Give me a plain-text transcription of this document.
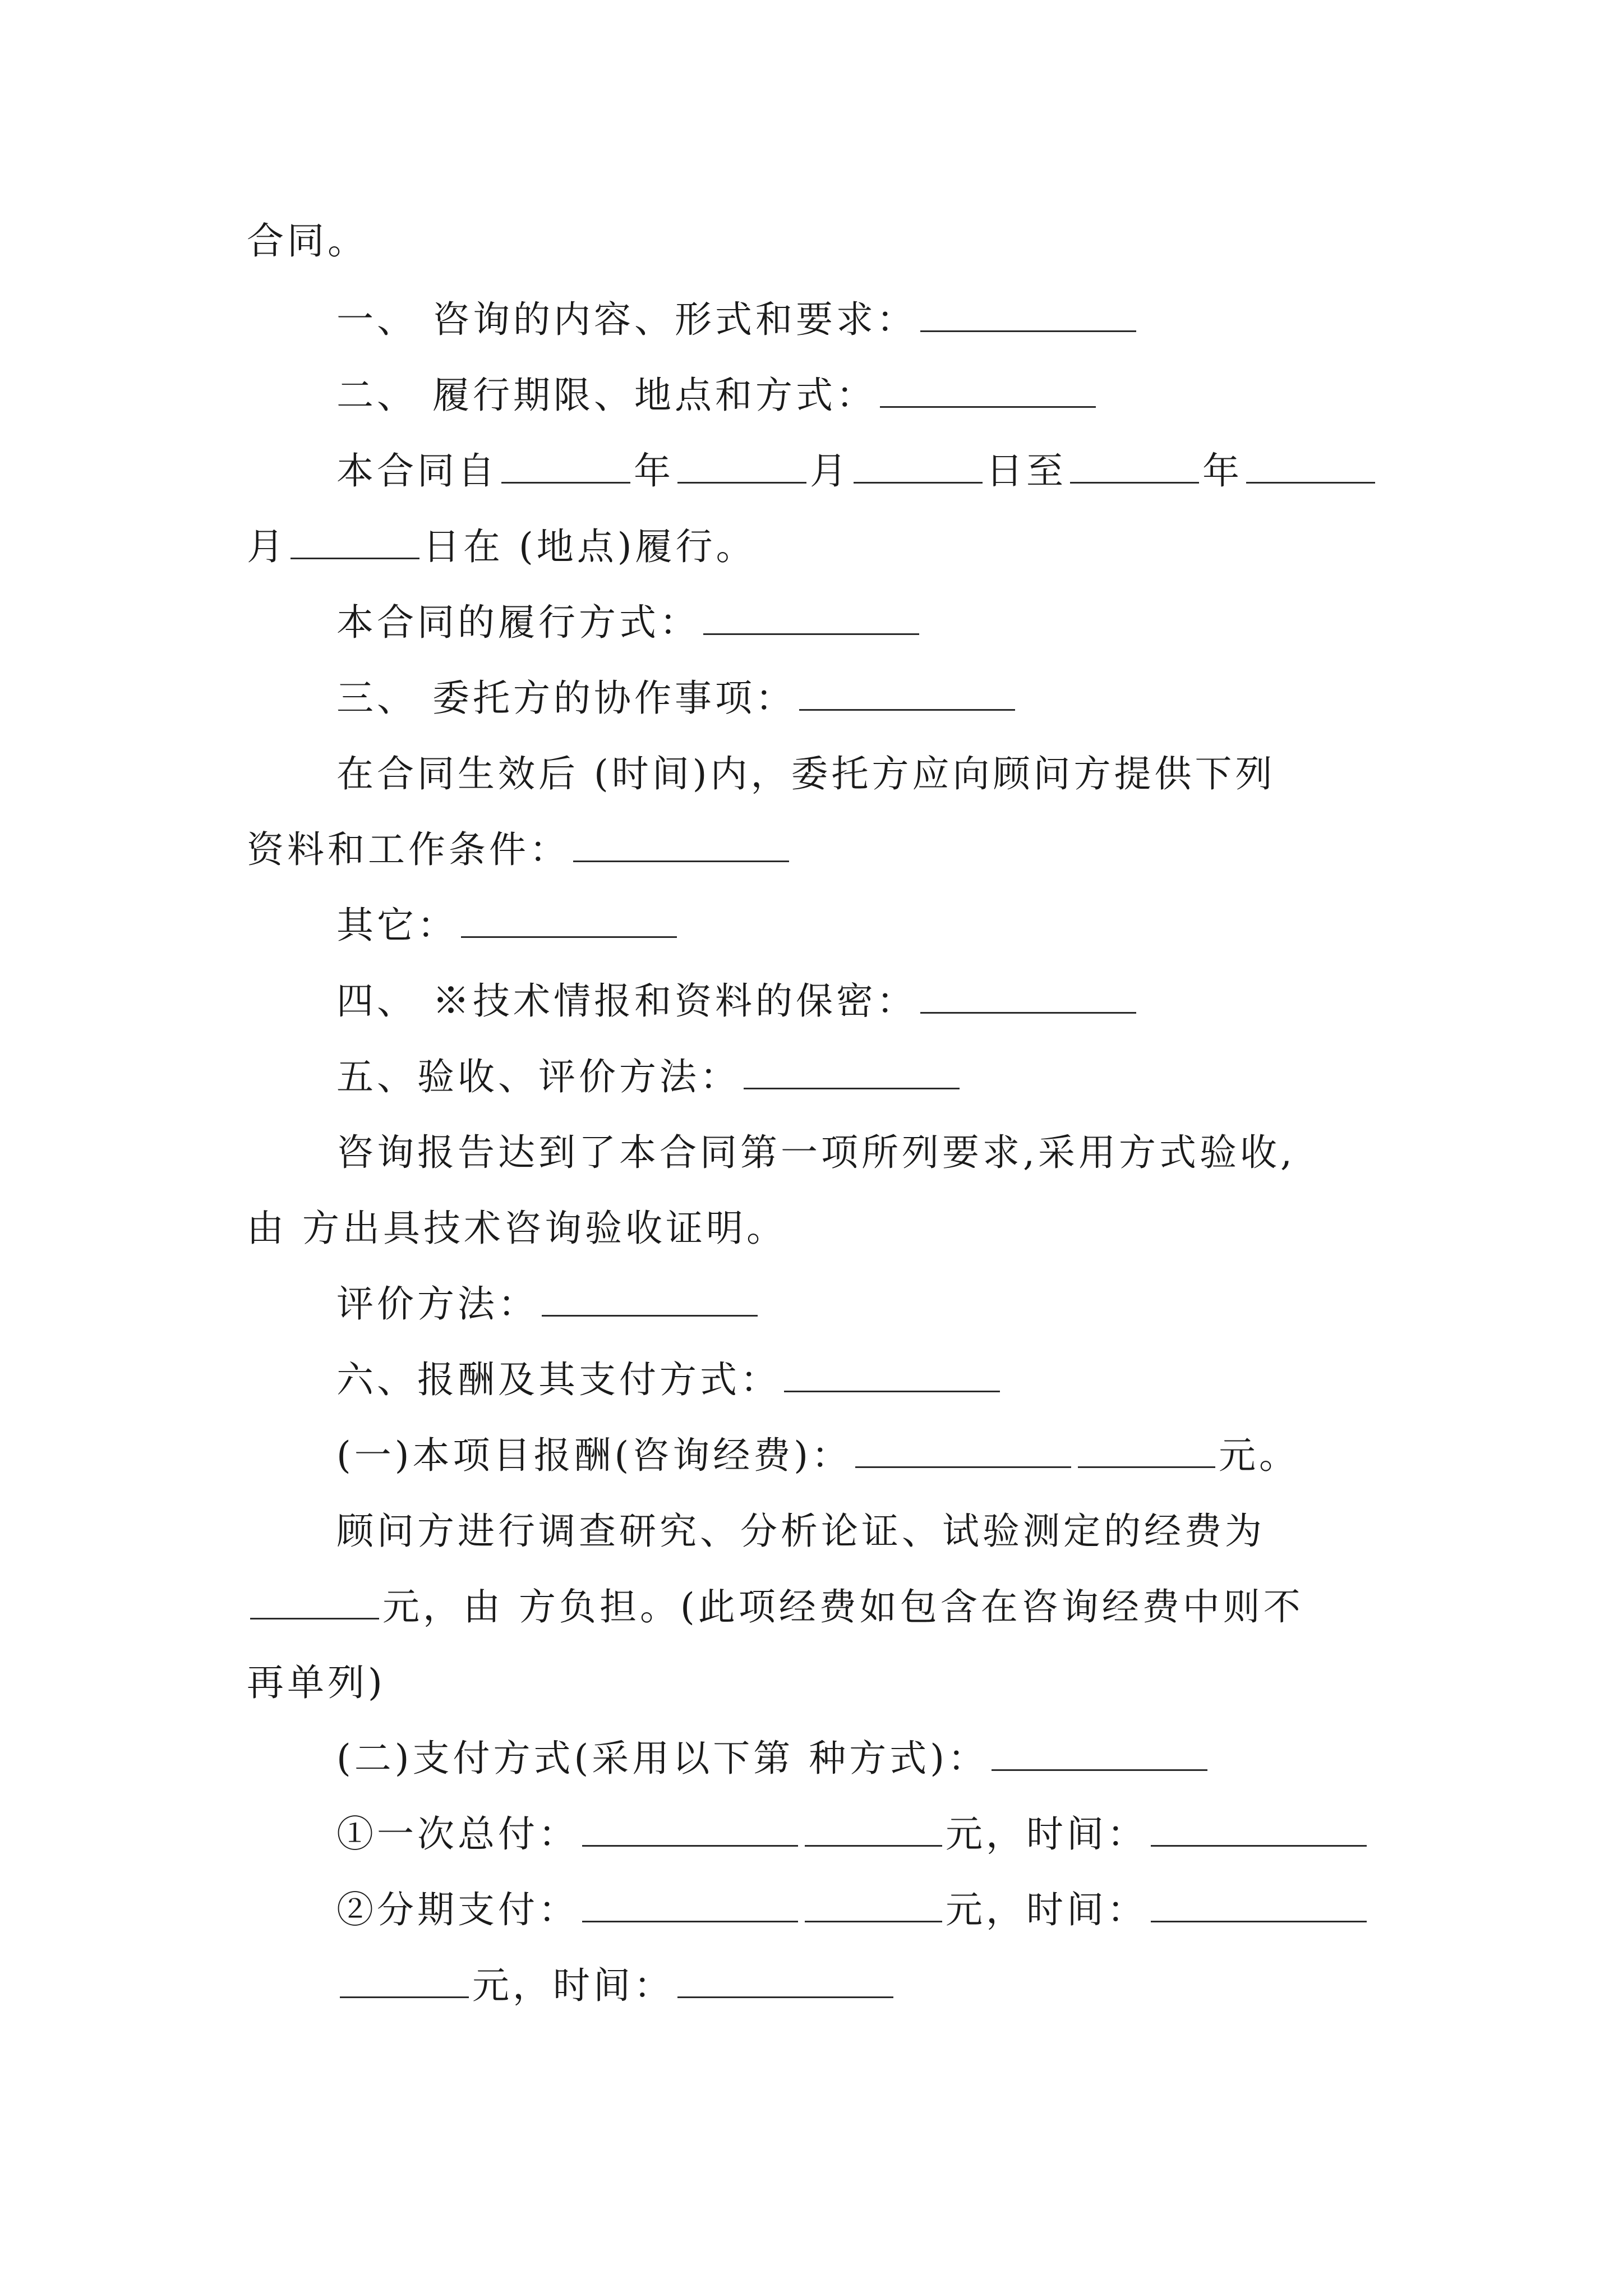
合同。
一、 咨询的内容、形式和要求：
二、 履行期限、地点和方式：
本合同自	年	月	日至	年
月	日在 (地点)履行。
本合同的履行方式：
三、 委托方的协作事项：
在合同生效后 (时间)内，委托方应向顾问方提供下列
资料和工作条件：
其它：
四、 ※技术情报和资料的保密：
五、验收、评价方法：
咨询报告达到了本合同第一项所列要求,采用方式验收,
由 方出具技术咨询验收证明。
评价方法：
六、报酬及其支付方式：
(一)本项目报酬(咨询经费)：	元。
顾问方进行调查研究、分析论证、试验测定的经费为
元，由 方负担。(此项经费如包含在咨询经费中则不
再单列)
(二)支付方式(采用以下第 种方式)：
①一次总付：	元，时间：
②分期支付：	元，时间：
元，时间：
